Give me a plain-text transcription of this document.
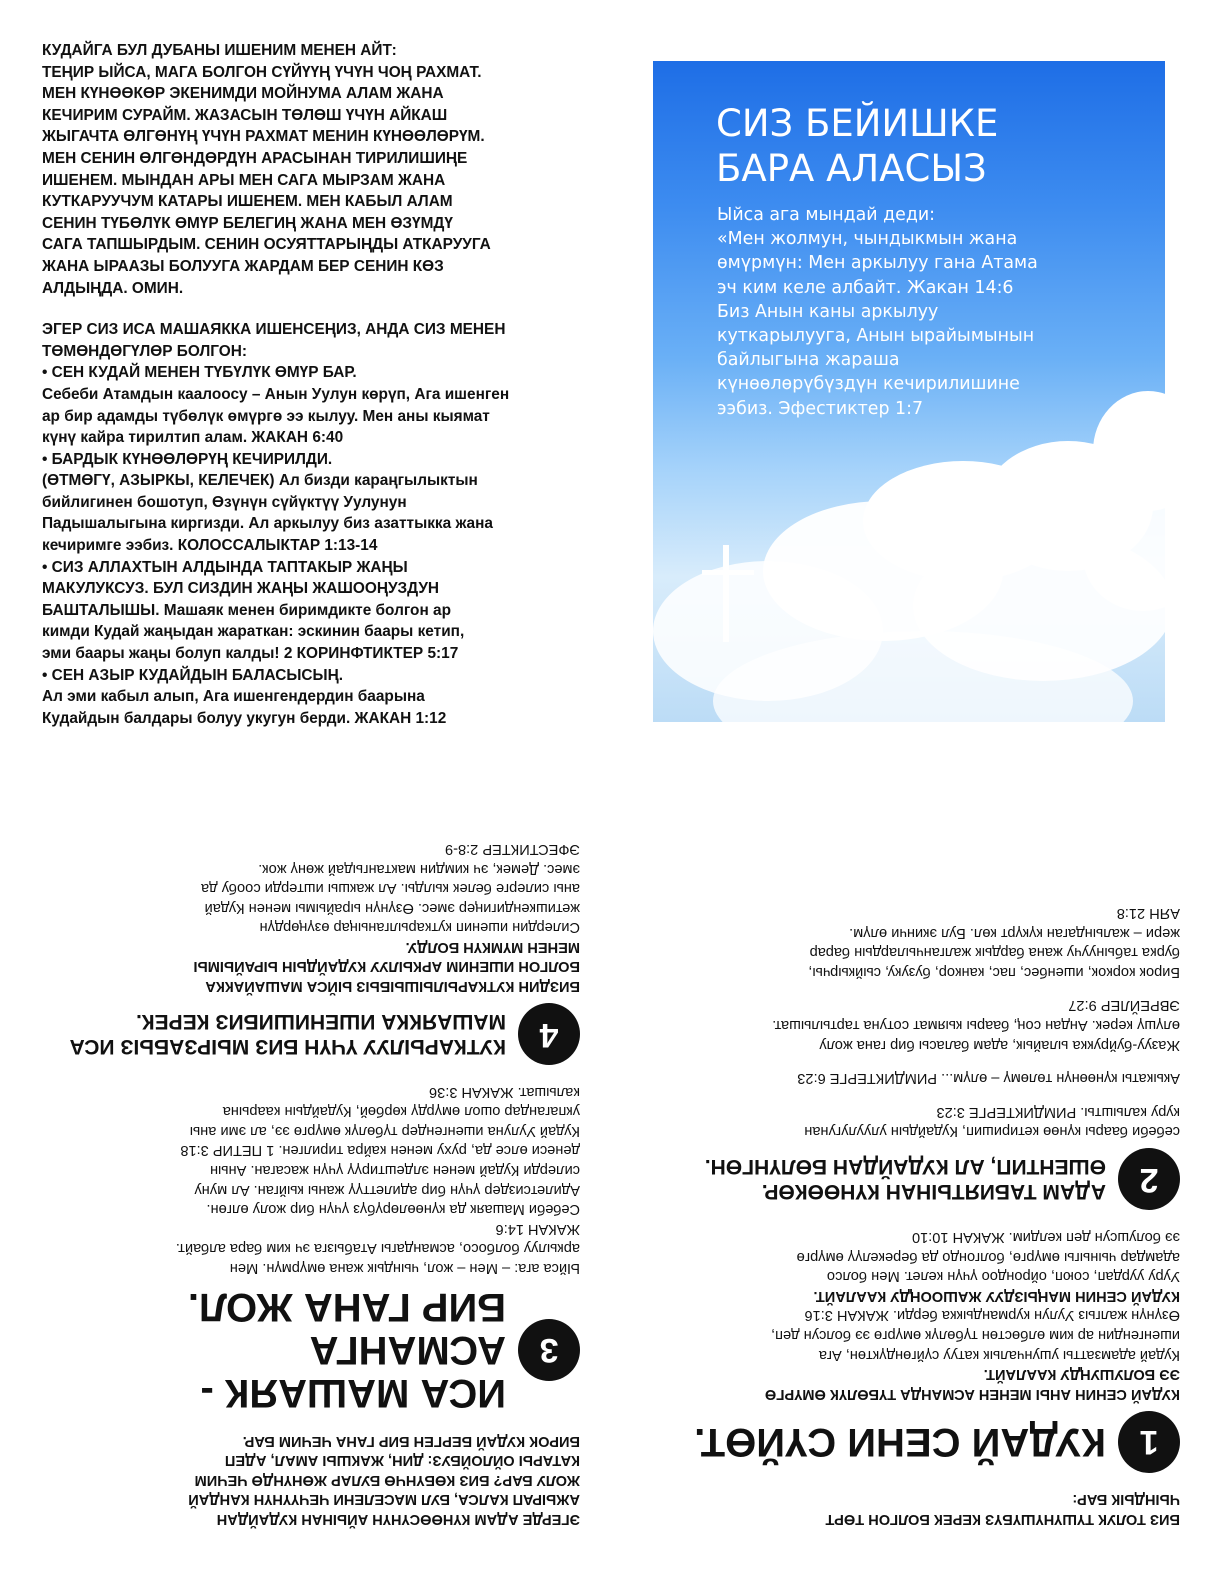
КУДАЙГА БУЛ ДУБАНЫ ИШЕНИМ МЕНЕН АЙТ:

ТЕҢИР ЫЙСА, МАГА БОЛГОН СҮЙҮҮҢ ҮЧҮН ЧОҢ РАХМАТ.

МЕН КҮНӨӨКӨР ЭКЕНИМДИ МОЙНУМА АЛАМ ЖАНА

КЕЧИРИМ СУРАЙМ. ЖАЗАСЫН ТӨЛӨШ ҮЧҮН АЙКАШ

ЖЫГАЧТА ӨЛГӨНҮҢ ҮЧҮН РАХМАТ МЕНИН КҮНӨӨЛӨРҮМ.

МЕН СЕНИН ӨЛГӨНДӨРДҮН АРАСЫНАН ТИРИЛИШИҢЕ

ИШЕНЕМ. МЫНДАН АРЫ МЕН САГА МЫРЗАМ ЖАНА

КУТКАРУУЧУМ КАТАРЫ ИШЕНЕМ. МЕН КАБЫЛ АЛАМ

СЕНИН ТҮБӨЛҮК ӨМҮР БЕЛЕГИҢ ЖАНА МЕН ӨЗҮМДҮ

САГА ТАПШЫРДЫМ. СЕНИН ОСУЯТТАРЫҢДЫ АТКАРУУГА

ЖАНА ЫРААЗЫ БОЛУУГА ЖАРДАМ БЕР СЕНИН КӨЗ

АЛДЫҢДА. ОМИН.

ЭГЕР СИЗ ИСА МАШАЯККА ИШЕНСЕҢИЗ, АНДА СИЗ МЕНЕН

ТӨМӨНДӨГҮЛӨР БОЛГОН:

• СЕН КУДАЙ МЕНЕН ТҮБҮЛҮК ӨМҮР БАР.

Себеби Атамдын каалоосу – Анын Уулун көрүп, Ага ишенген

ар бир адамды түбөлүк өмүргө ээ кылуу. Мен аны кыямат

күнү кайра тирилтип алам. ЖАКАН 6:40

• БАРДЫК КҮНӨӨЛӨРҮҢ КЕЧИРИЛДИ.

(ӨТМӨГҮ, АЗЫРКЫ, КЕЛЕЧЕК) Ал бизди караңгылыктын

бийлигинен бошотуп, Өзүнүн сүйүктүү Уулунун

Падышалыгына киргизди. Ал аркылуу биз азаттыкка жана

кечиримге ээбиз. КОЛОССАЛЫКТАР 1:13-14

• СИЗ АЛЛАХТЫН АЛДЫНДА ТАПТАКЫР ЖАҢЫ

МАКУЛУКСУЗ. БУЛ СИЗДИН ЖАҢЫ ЖАШООҢУЗДУН

БАШТАЛЫШЫ. Машаяк менен биримдикте болгон ар

кимди Кудай жаңыдан жараткан: эскинин баары кетип,

эми баары жаңы болуп калды! 2 КОРИНФТИКТЕР 5:17

• СЕН АЗЫР КУДАЙДЫН БАЛАСЫСЫҢ.

Ал эми кабыл алып, Ага ишенгендердин баарына

Кудайдын балдары болуу укугун берди. ЖАКАН 1:12

СИЗ БЕЙИШКЕ
БАРА АЛАСЫЗ

Ыйса ага мындай деди:

«Мен жолмун, чындыкмын жана

өмүрмүн: Мен аркылуу гана Атама

эч ким келе албайт. Жакан 14:6

Биз Анын каны аркылуу

куткарылууга, Анын ырайымынын

байлыгына жараша

күнөөлөрүбүздүн кечирилишине

ээбиз. Эфестиктер 1:7

ЭГЕРДЕ АДАМ КҮНӨӨСҮНҮН АЙЫНАН КУДАЙДАН

АЖЫРАП КАЛСА, БУЛ МАСЕЛЕНИ ЧЕЧҮҮНҮН КАНДАЙ

ЖОЛУ БАР? БИЗ КӨБҮНЧӨ БУЛАР ЖӨНҮНДӨ ЧЕЧИМ

КАТАРЫ ОЙЛОЙБУЗ: ДИН, ЖАКШЫ АМАЛ, АДЕП

БИРОК КУДАЙ БЕРГЕН БИР ГАНА ЧЕЧИМ БАР.

3
ИСА МАШАЯК - АСМАНГА
БИР ГАНА ЖОЛ.

Ыйса ага: – Мен – жол, чындык жана өмүрмүн. Мен

аркылуу болбосо, асмандагы Атабызга эч ким бара албайт.

ЖАКАН 14:6

Себеби Машаяк да күнөөлөрүбүз үчүн бир жолу өлгөн.

Адилетсиздер үчүн бир адилеттүү жаны кыйган. Ал муну

силерди Кудай менен элдештирүү үчүн жасаган. Анын

денеси өлсе да, руху менен кайра тирилген. 1 ПЕТИР 3:18

Кудай Уулуна ишенгендер түбөлүк өмүргө ээ, ал эми аны

укпагандар ошол өмүрдү көрбөй, Кудайдын каарына

калышат. ЖАКАН 3:36

4
КУТКАРЫЛУУ ҮЧҮН БИЗ МЫРЗАБЫЗ ИСА
МАШАЯККА ИШЕНИШИБИЗ КЕРЕК.

БИЗДИН КУТКАРЫЛЫШЫБЫЗ ЫЙСА МАШАЙАККА

БОЛГОН ИШЕНИМ АРКЫЛУУ КУДАЙДЫН ЫРАЙЫМЫ

МЕНЕН МҮМКҮН БОЛДУ.

Силердин ишенип куткарылганыңар өзүңөрдүн

жетишкендигиңер эмес. Өзүнүн ырайымы менен Кудай

аны силерге белек кылды. Ал жакшы иштерди сообу да

эмес. Демек, эч кимдин мактангыдай жөнү жок.

ЭФЕСТИКТЕР 2:8-9

БИЗ ТОЛУК ТҮШҮНҮШҮБҮЗ КЕРЕК БОЛГОН ТӨРТ

ЧЫНДЫК БАР:

1
КУДАЙ СЕНИ СҮЙӨТ.

КУДАЙ СЕНИН АНЫ МЕНЕН АСМАНДА ТҮБӨЛҮК ӨМҮРГӨ

ЭЭ БОЛУШУҢДУ КААЛАЙТ.

Кудай адамзатты ушунчалык катуу сүйгөндүктөн, Ага

ишенгендин ар ким өлбөстөн түбөлүк өмүргө ээ болсун деп,

Өзүнүн жалгыз Уулун курмандыкка берди. ЖАКАН 3:16

КУДАЙ СЕНИН МАҢЫЗДУУ ЖАШООҢДУ КААЛАЙТ.

Ууру уурдап, союп, ойрондоо үчүн келет. Мен болсо

адамдар чыныгы өмүргө, болгондо да берекелүү өмүргө

ээ болушсун деп келдим. ЖАКАН 10:10

2
АДАМ ТАБИЯТЫНАН КҮНӨӨКӨР.
ӨШЕНТИП, АЛ КУДАЙДАН БӨЛҮНГӨН.

себеби баары күнөө кетиришип, Кудайдын улуулугунан

куру калышты. РИМДИКТЕРГЕ 3:23

Акыкаты күнөөнүн төлөмү – өлүм... РИМДИКТЕРГЕ 6:23

Жазуу-буйрукка ылайык, адам баласы бир гана жолу

өлүшү керек. Андан соң, баары кыямат сотуна тартылышат.

ЭВРЕЙЛЕР 9:27

Бирок коркок, ишенбес, пас, канкор, бузуку, сыйкырчы,

бурка табынуучу жана бардык жалганчылардын барар

жери – жалындаган күкүрт көл. Бул экинчи өлүм.

АЯН 21:8
